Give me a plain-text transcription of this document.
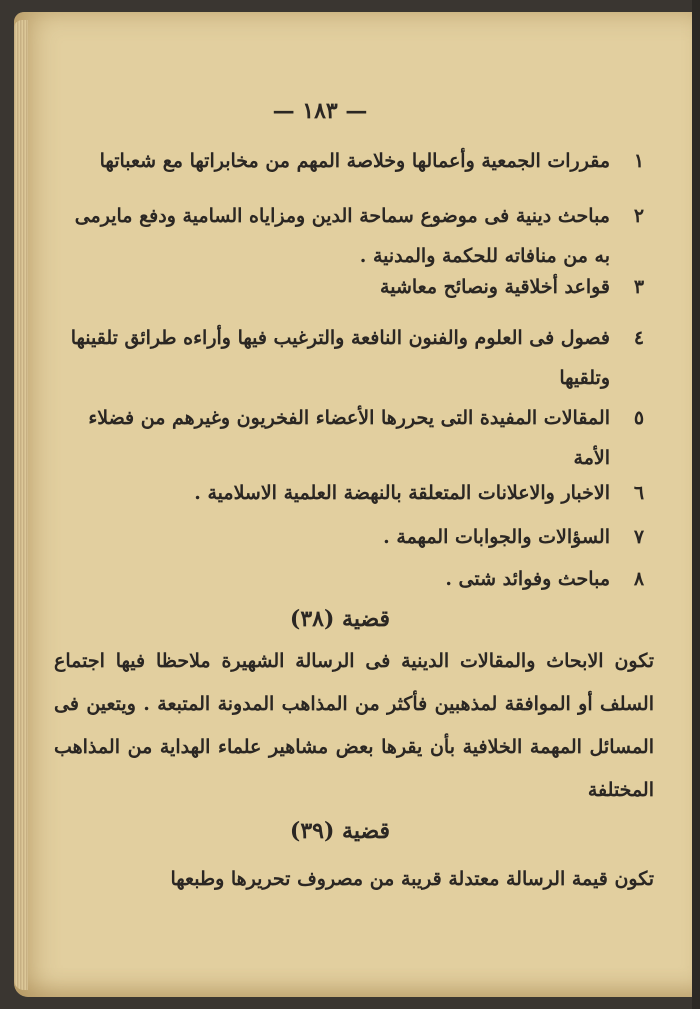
— ١٨٣ —
١
مقررات الجمعية وأعمالها وخلاصة المهم من مخابراتها مع شعباتها
٢
مباحث دينية فى موضوع سماحة الدين ومزاياه السامية ودفع مايرمى به من منافاته للحكمة والمدنية .
٣
قواعد أخلاقية ونصائح معاشية
٤
فصول فى العلوم والفنون النافعة والترغيب فيها وأراءه طرائق تلقينها وتلقيها
٥
المقالات المفيدة التى يحررها الأعضاء الفخريون وغيرهم من فضلاء الأمة
٦
الاخبار والاعلانات المتعلقة بالنهضة العلمية الاسلامية .
٧
السؤالات والجوابات المهمة .
٨
مباحث وفوائد شتى .
قضية (٣٨)
تكون الابحاث والمقالات الدينية فى الرسالة الشهيرة ملاحظا فيها اجتماع السلف أو الموافقة لمذهبين فأكثر من المذاهب المدونة المتبعة . ويتعين فى المسائل المهمة الخلافية بأن يقرها بعض مشاهير علماء الهداية من المذاهب المختلفة
قضية (٣٩)
تكون قيمة الرسالة معتدلة قريبة من مصروف تحريرها وطبعها
